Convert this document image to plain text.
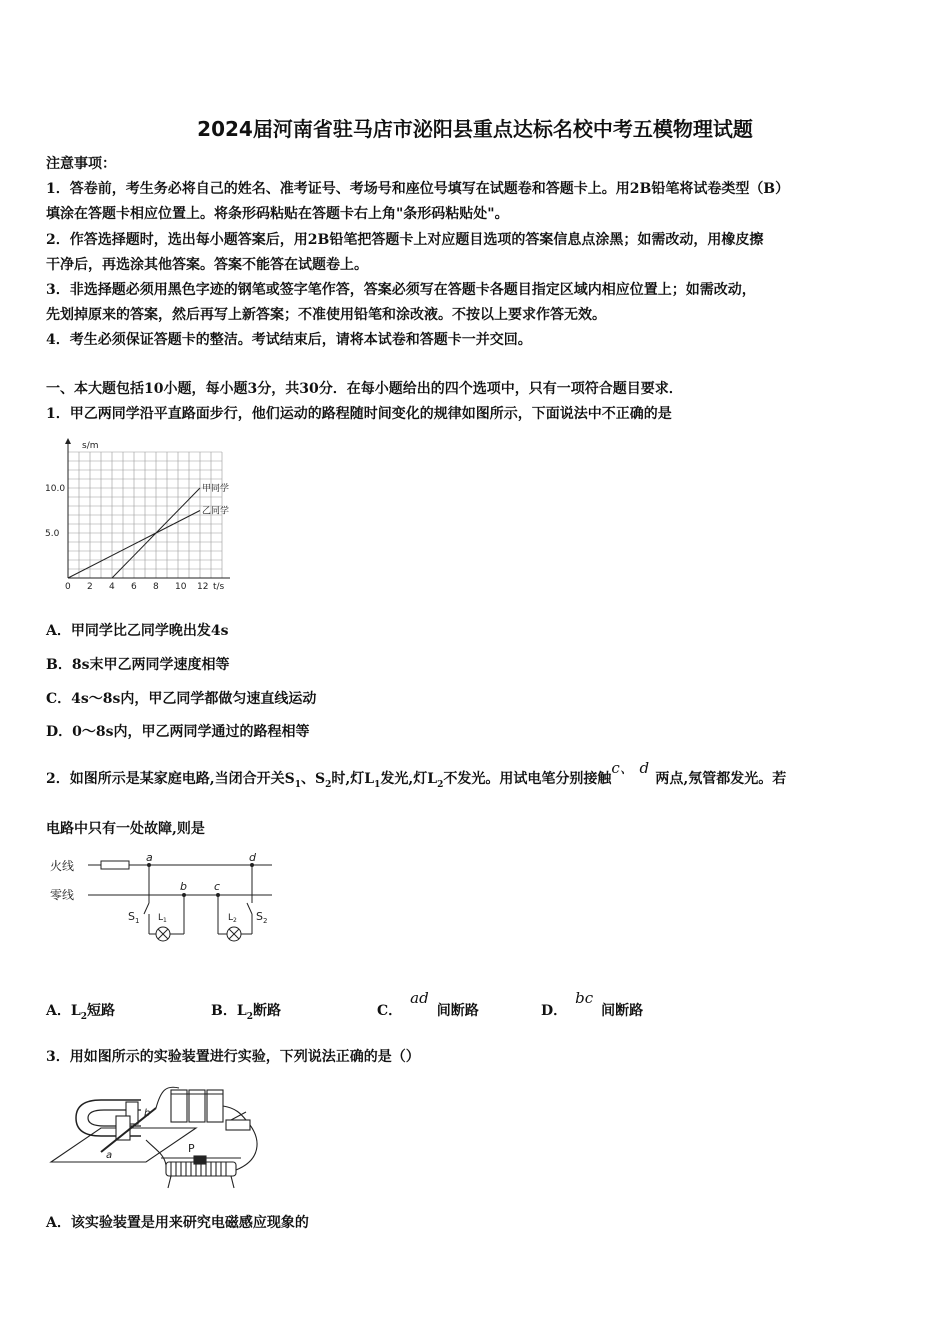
2024届河南省驻马店市泌阳县重点达标名校中考五模物理试题
注意事项：
1．答卷前，考生务必将自己的姓名、准考证号、考场号和座位号填写在试题卷和答题卡上。用2B铅笔将试卷类型（B）
填涂在答题卡相应位置上。将条形码粘贴在答题卡右上角"条形码粘贴处"。
2．作答选择题时，选出每小题答案后，用2B铅笔把答题卡上对应题目选项的答案信息点涂黑；如需改动，用橡皮擦
干净后，再选涂其他答案。答案不能答在试题卷上。
3．非选择题必须用黑色字迹的钢笔或签字笔作答，答案必须写在答题卡各题目指定区域内相应位置上；如需改动，
先划掉原来的答案，然后再写上新答案；不准使用铅笔和涂改液。不按以上要求作答无效。
4．考生必须保证答题卡的整洁。考试结束后，请将本试卷和答题卡一并交回。
一、本大题包括10小题，每小题3分，共30分．在每小题给出的四个选项中，只有一项符合题目要求．
1．甲乙两同学沿平直路面步行，他们运动的路程随时间变化的规律如图所示，下面说法中不正确的是
甲同学
乙同学
0 2 4 6 8 10 12 t/s
5.0
10.0
s/m
A．甲同学比乙同学晚出发4s
B．8s末甲乙两同学速度相等
C．4s～8s内，甲乙同学都做匀速直线运动
D．0～8s内，甲乙两同学通过的路程相等
2．如图所示是某家庭电路,当闭合开关$S_1$、$S_2$时,灯$L_1$发光,灯$L_2$不发光。用试电笔分别接触c、 d两点,氖管都发光。若
电路中只有一处故障,则是
火线
零线
a	d
b c
$S_1$ $L_1$	$L_2$ $S_2$
A．$L_2$短路	B．$L_2$断路	C．ad间断路	D．bc间断路
3．用如图所示的实验装置进行实验，下列说法正确的是（）
b
a
P
A．该实验装置是用来研究电磁感应现象的
